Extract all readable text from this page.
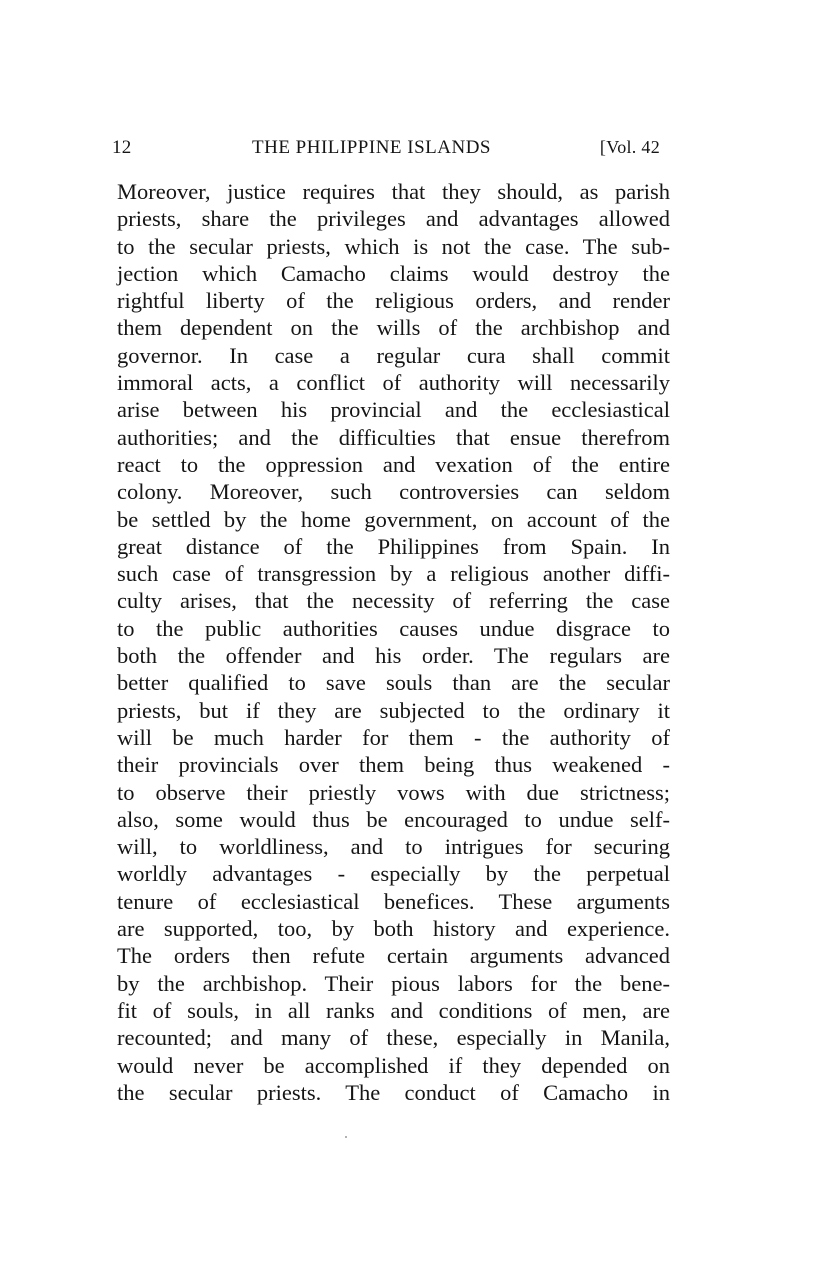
12	THE PHILIPPINE ISLANDS	[Vol. 42
Moreover, justice requires that they should, as parish
priests, share the privileges and advantages allowed
to the secular priests, which is not the case. The sub-
jection which Camacho claims would destroy the
rightful liberty of the religious orders, and render
them dependent on the wills of the archbishop and
governor. In case a regular cura shall commit
immoral acts, a conflict of authority will necessarily
arise between his provincial and the ecclesiastical
authorities; and the difficulties that ensue therefrom
react to the oppression and vexation of the entire
colony. Moreover, such controversies can seldom
be settled by the home government, on account of the
great distance of the Philippines from Spain. In
such case of transgression by a religious another diffi-
culty arises, that the necessity of referring the case
to the public authorities causes undue disgrace to
both the offender and his order. The regulars are
better qualified to save souls than are the secular
priests, but if they are subjected to the ordinary it
will be much harder for them - the authority of
their provincials over them being thus weakened -
to observe their priestly vows with due strictness;
also, some would thus be encouraged to undue self-
will, to worldliness, and to intrigues for securing
worldly advantages - especially by the perpetual
tenure of ecclesiastical benefices. These arguments
are supported, too, by both history and experience.
The orders then refute certain arguments advanced
by the archbishop. Their pious labors for the bene-
fit of souls, in all ranks and conditions of men, are
recounted; and many of these, especially in Manila,
would never be accomplished if they depended on
the secular priests. The conduct of Camacho in
